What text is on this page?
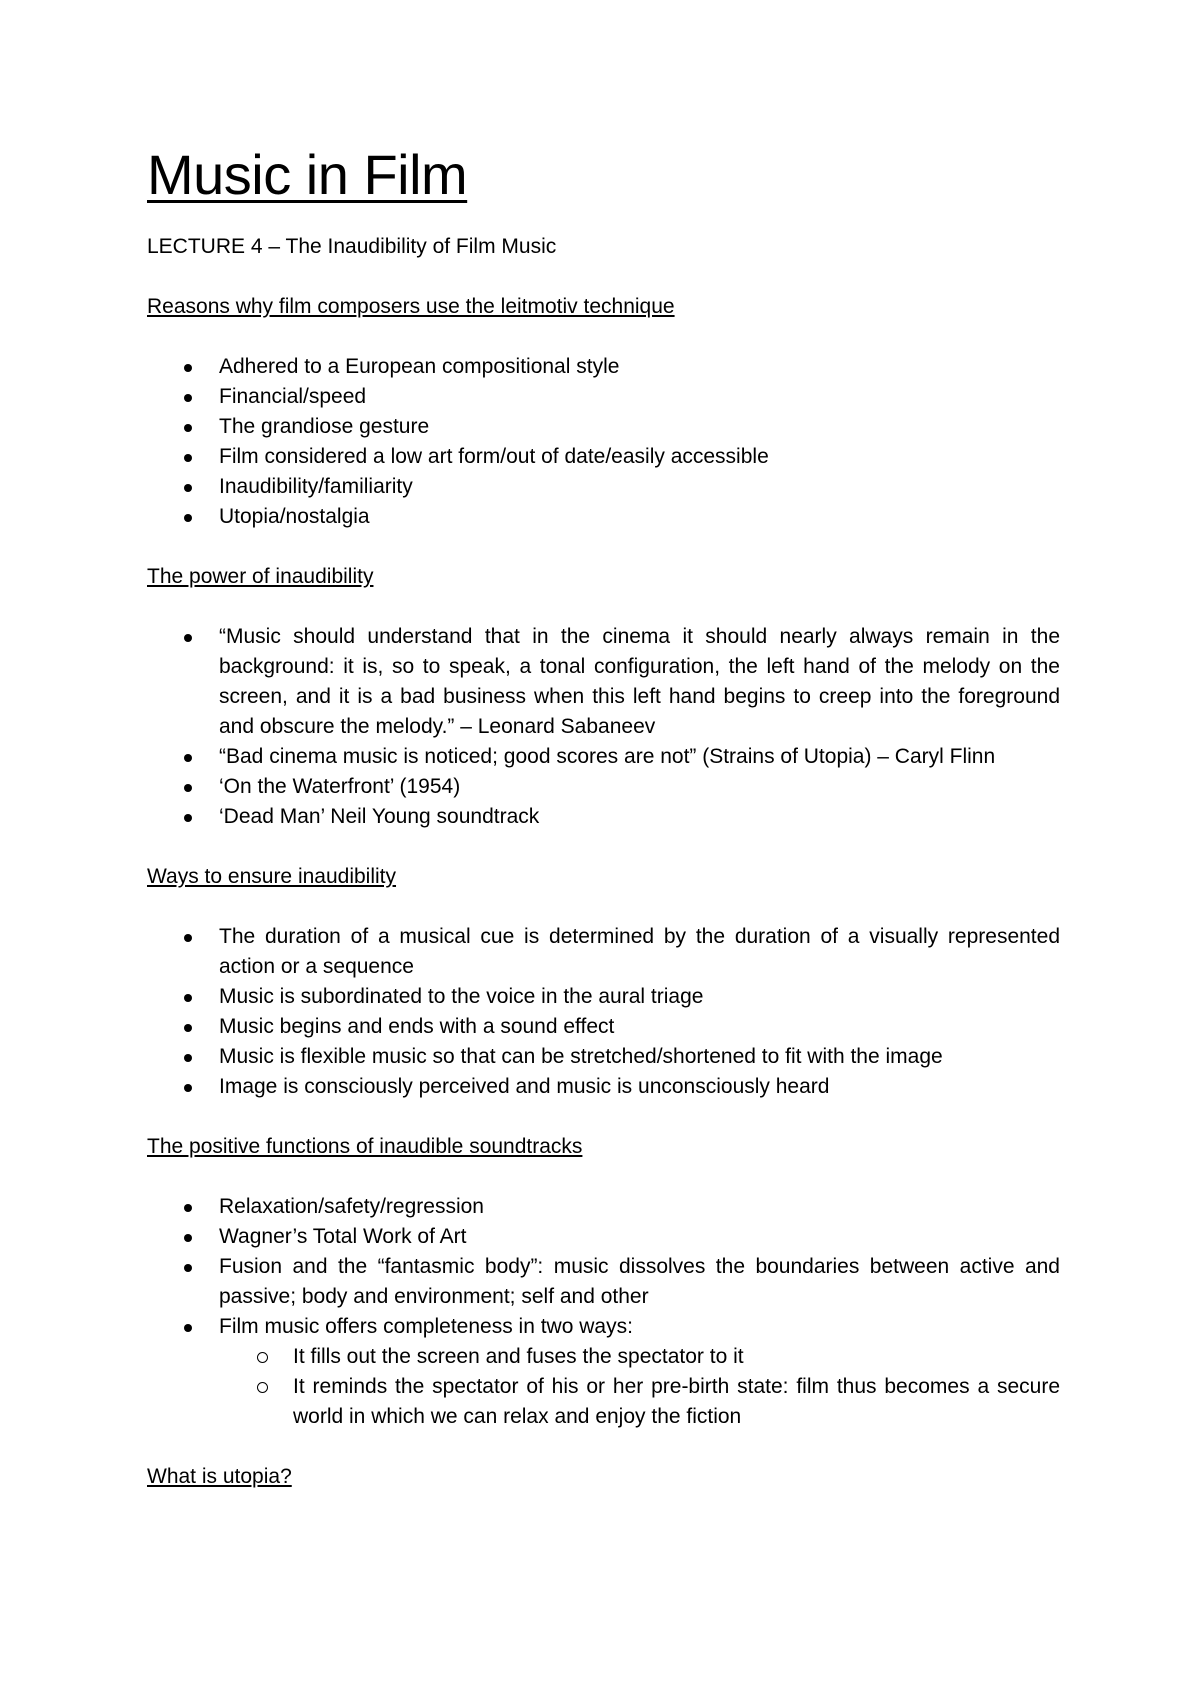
Music in Film

LECTURE 4 – The Inaudibility of Film Music

Reasons why film composers use the leitmotiv technique

Adhered to a European compositional style
Financial/speed
The grandiose gesture
Film considered a low art form/out of date/easily accessible
Inaudibility/familiarity
Utopia/nostalgia

The power of inaudibility

“Music should understand that in the cinema it should nearly always remain in the background: it is, so to speak, a tonal configuration, the left hand of the melody on the screen, and it is a bad business when this left hand begins to creep into the foreground and obscure the melody.” – Leonard Sabaneev
“Bad cinema music is noticed; good scores are not” (Strains of Utopia) – Caryl Flinn
‘On the Waterfront’ (1954)
‘Dead Man’ Neil Young soundtrack

Ways to ensure inaudibility

The duration of a musical cue is determined by the duration of a visually represented action or a sequence
Music is subordinated to the voice in the aural triage
Music begins and ends with a sound effect
Music is flexible music so that can be stretched/shortened to fit with the image
Image is consciously perceived and music is unconsciously heard

The positive functions of inaudible soundtracks

Relaxation/safety/regression
Wagner’s Total Work of Art
Fusion and the “fantasmic body”: music dissolves the boundaries between active and passive; body and environment; self and other
Film music offers completeness in two ways:
It fills out the screen and fuses the spectator to it
It reminds the spectator of his or her pre-birth state: film thus becomes a secure world in which we can relax and enjoy the fiction

What is utopia?
